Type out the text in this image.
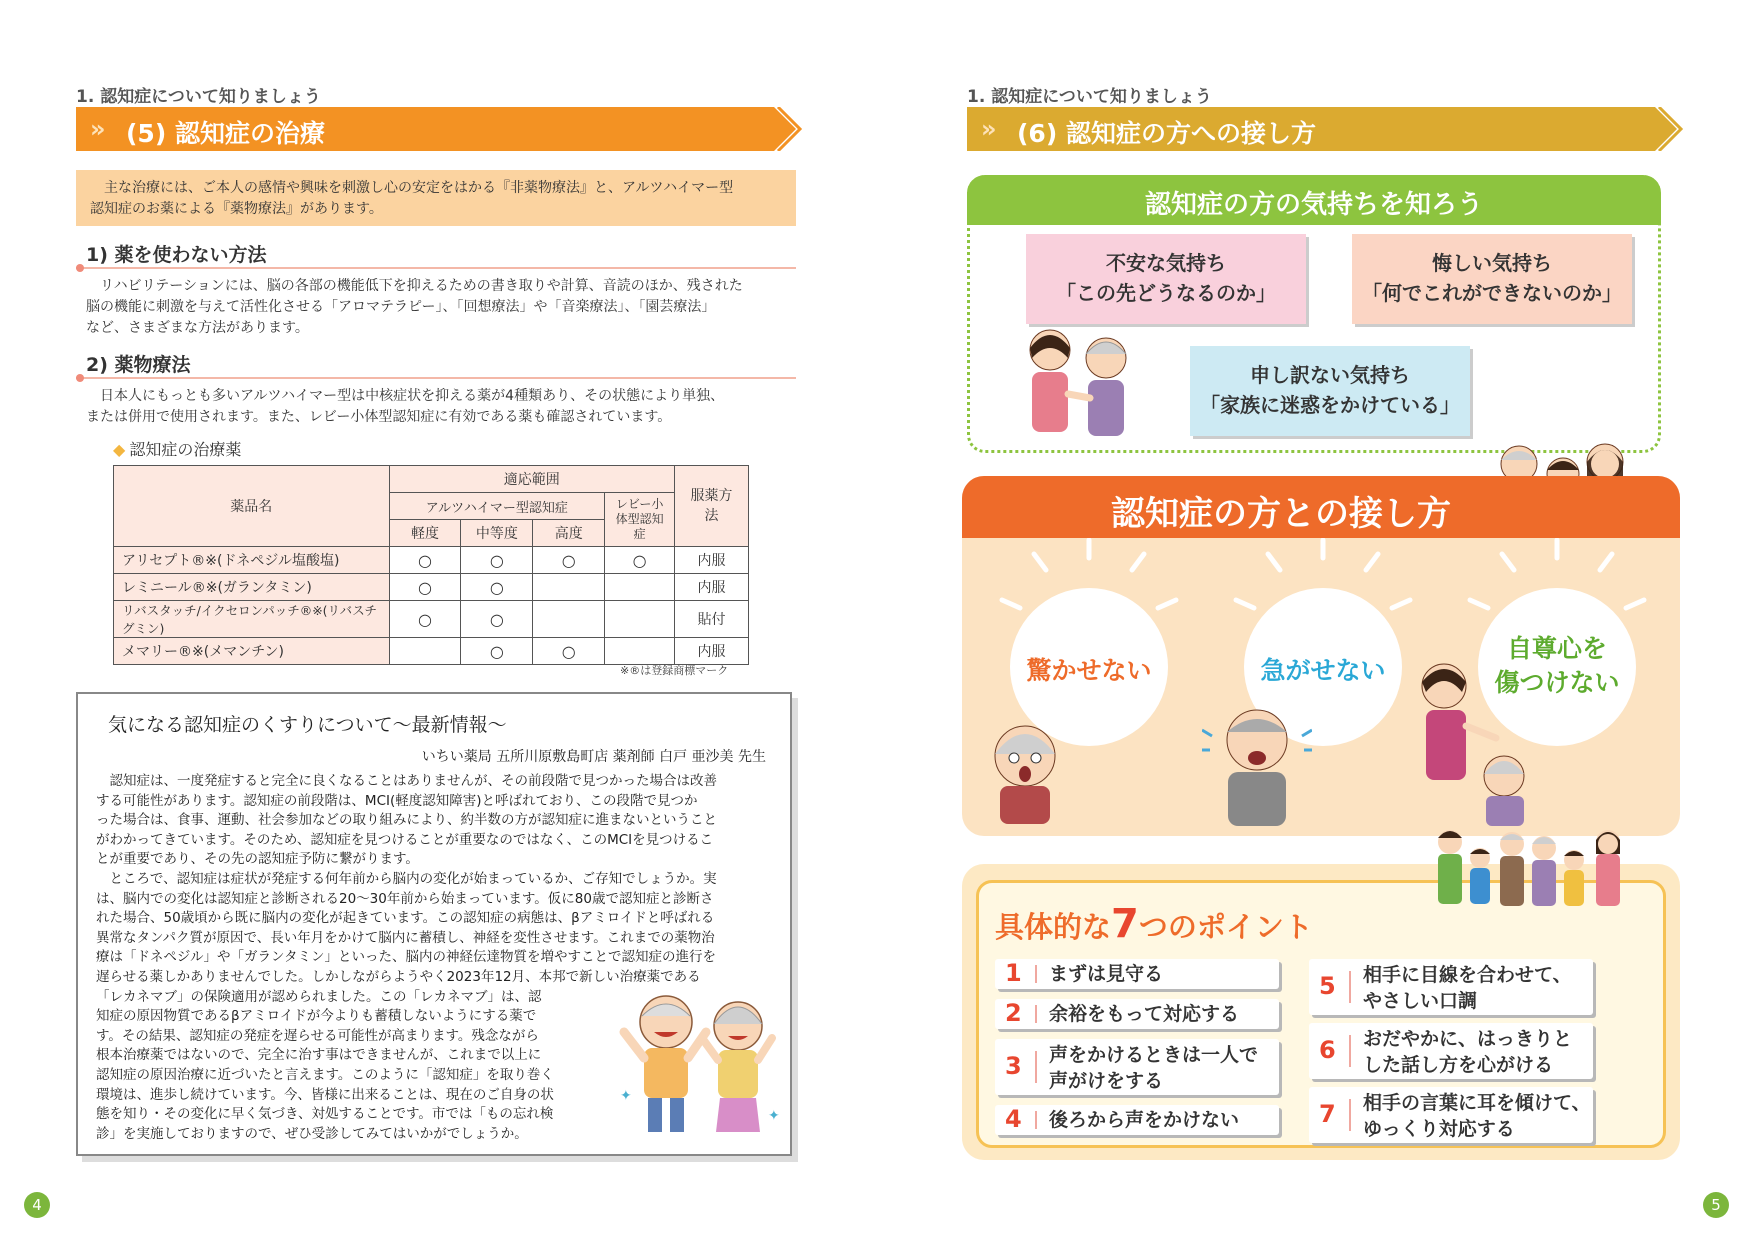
1. 認知症について知りましょう
» (5) 認知症の治療
主な治療には、ご本人の感情や興味を刺激し心の安定をはかる『非薬物療法』と、アルツハイマー型
認知症のお薬による『薬物療法』があります。
1) 薬を使わない方法
リハビリテーションには、脳の各部の機能低下を抑えるための書き取りや計算、音読のほか、残された
脳の機能に刺激を与えて活性化させる「アロマテラピー」、「回想療法」や「音楽療法」、「園芸療法」
など、さまざまな方法があります。
2) 薬物療法
日本人にもっとも多いアルツハイマー型は中核症状を抑える薬が4種類あり、その状態により単独、
または併用で使用されます。また、レビー小体型認知症に有効である薬も確認されています。
◆ 認知症の治療薬
薬品名	適応範囲				服薬方法
	アルツハイマー型認知症			レビー小体型認知症	
	軽度	中等度	高度		
アリセプト®※(ドネペジル塩酸塩)	○	○	○	○	内服
レミニール®※(ガランタミン)	○	○			内服
リバスタッチ/イクセロンパッチ®※(リバスチグミン)	○	○			貼付
メマリー®※(メマンチン)		○	○		内服
※®は登録商標マーク
気になる認知症のくすりについて〜最新情報〜
いちい薬局 五所川原敷島町店 薬剤師 白戸 亜沙美 先生
認知症は、一度発症すると完全に良くなることはありませんが、その前段階で見つかった場合は改善
する可能性があります。認知症の前段階は、MCI(軽度認知障害)と呼ばれており、この段階で見つか
った場合は、食事、運動、社会参加などの取り組みにより、約半数の方が認知症に進まないということ
がわかってきています。そのため、認知症を見つけることが重要なのではなく、このMCIを見つけるこ
とが重要であり、その先の認知症予防に繋がります。
ところで、認知症は症状が発症する何年前から脳内の変化が始まっているか、ご存知でしょうか。実
は、脳内での変化は認知症と診断される20〜30年前から始まっています。仮に80歳で認知症と診断さ
れた場合、50歳頃から既に脳内の変化が起きています。この認知症の病態は、βアミロイドと呼ばれる
異常なタンパク質が原因で、長い年月をかけて脳内に蓄積し、神経を変性させます。これまでの薬物治
療は「ドネペジル」や「ガランタミン」といった、脳内の神経伝達物質を増やすことで認知症の進行を
遅らせる薬しかありませんでした。しかしながらようやく2023年12月、本邦で新しい治療薬である
「レカネマブ」の保険適用が認められました。この「レカネマブ」は、認
知症の原因物質であるβアミロイドが今よりも蓄積しないようにする薬で
す。その結果、認知症の発症を遅らせる可能性が高まります。残念ながら
根本治療薬ではないので、完全に治す事はできませんが、これまで以上に
認知症の原因治療に近づいたと言えます。このように「認知症」を取り巻く
環境は、進歩し続けています。今、皆様に出来ることは、現在のご自身の状
態を知り・その変化に早く気づき、対処することです。市では「もの忘れ検
診」を実施しておりますので、ぜひ受診してみてはいかがでしょうか。
✦
✦
4
1. 認知症について知りましょう
» (6) 認知症の方への接し方
認知症の方の気持ちを知ろう
不安な気持ち
「この先どうなるのか」
悔しい気持ち
「何でこれができないのか」
申し訳ない気持ち
「家族に迷惑をかけている」
認知症の方との接し方
驚かせない	急がせない
自尊心を
傷つけない
具体的な7つのポイント
1 まずは見守る
2 余裕をもって対応する
3 声をかけるときは一人で
声がけをする
4 後ろから声をかけない
5 相手に目線を合わせて、
やさしい口調
6 おだやかに、はっきりと
した話し方を心がける
7 相手の言葉に耳を傾けて、
ゆっくり対応する
5
